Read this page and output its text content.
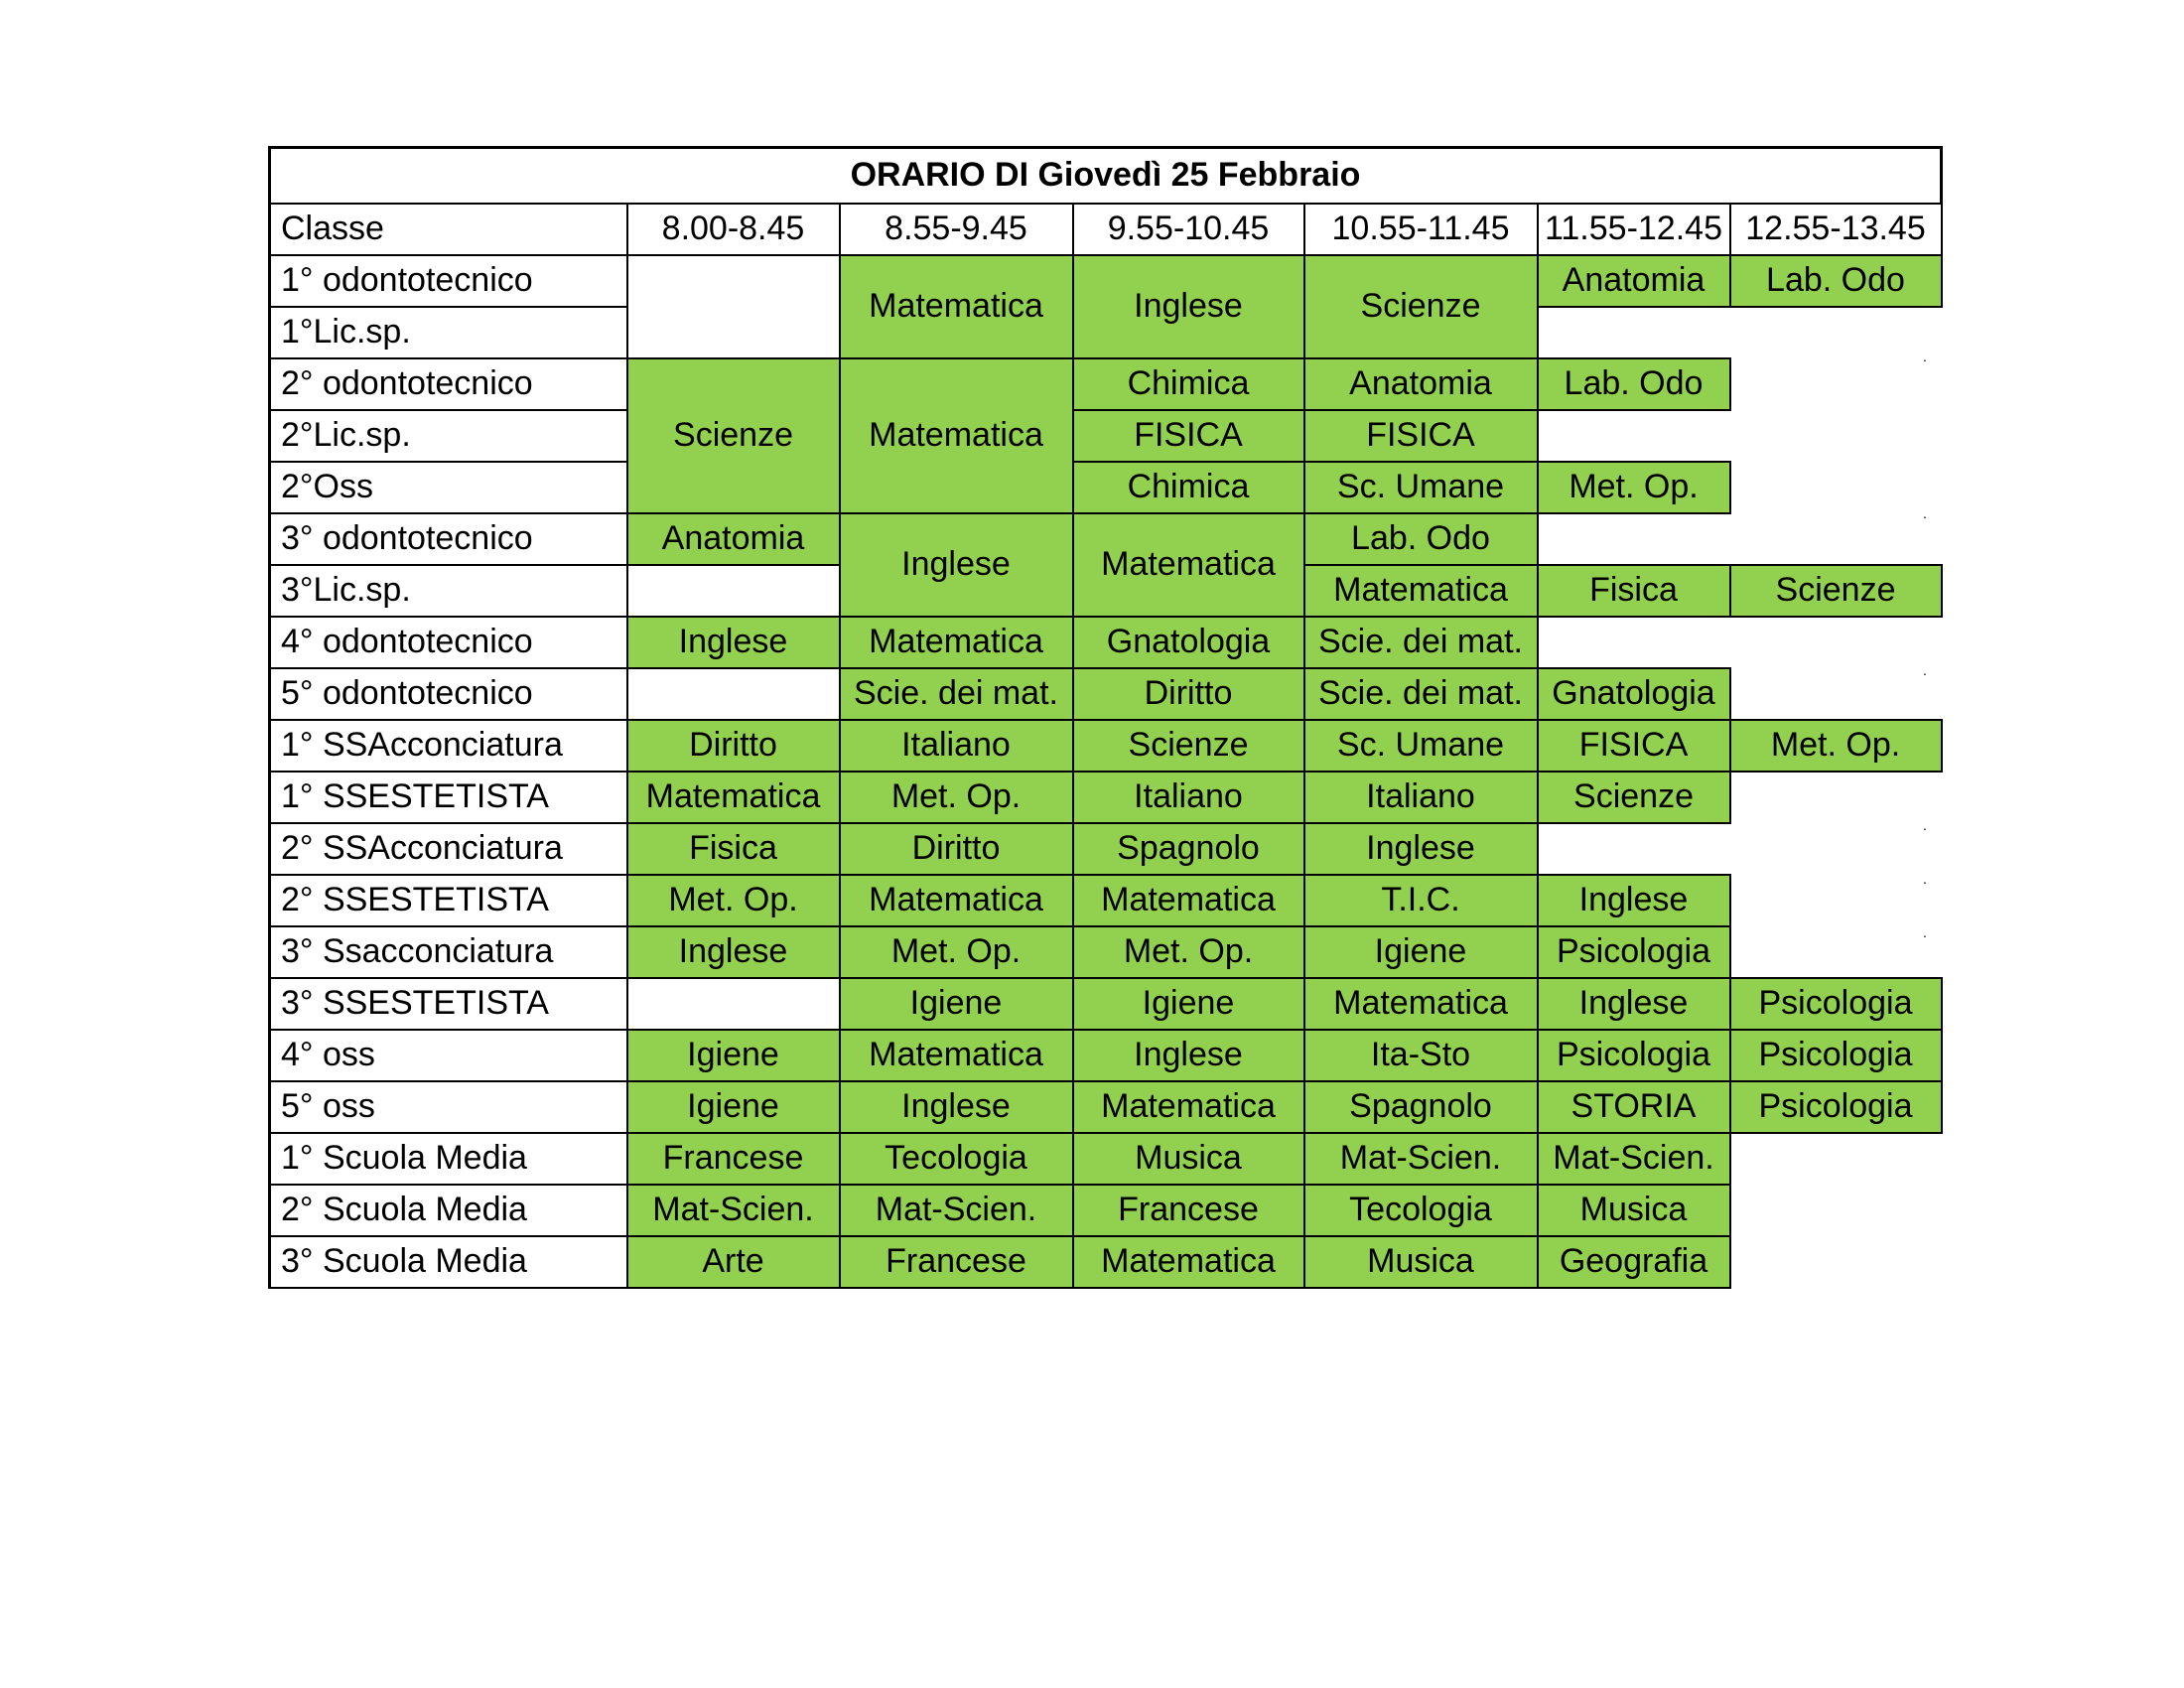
ORARIO DI Giovedì 25 Febbraio						
Classe	8.00-8.45	8.55-9.45	9.55-10.45	10.55-11.45	11.55-12.45	12.55-13.45
1° odontotecnico		Matematica	Inglese	Scienze	Anatomia	Lab. Odo
1°Lic.sp.						
2° odontotecnico	Scienze	Matematica	Chimica	Anatomia	Lab. Odo	
2°Lic.sp.			FISICA	FISICA		
2°Oss			Chimica	Sc. Umane	Met. Op.	
3° odontotecnico	Anatomia	Inglese	Matematica	Lab. Odo		
3°Lic.sp.				Matematica	Fisica	Scienze
4° odontotecnico	Inglese	Matematica	Gnatologia	Scie. dei mat.		
5° odontotecnico		Scie. dei mat.	Diritto	Scie. dei mat.	Gnatologia	
1° SSAcconciatura	Diritto	Italiano	Scienze	Sc. Umane	FISICA	Met. Op.
1° SSESTETISTA	Matematica	Met. Op.	Italiano	Italiano	Scienze	
2° SSAcconciatura	Fisica	Diritto	Spagnolo	Inglese		
2° SSESTETISTA	Met. Op.	Matematica	Matematica	T.I.C.	Inglese	
3° Ssacconciatura	Inglese	Met. Op.	Met. Op.	Igiene	Psicologia	
3° SSESTETISTA		Igiene	Igiene	Matematica	Inglese	Psicologia
4° oss	Igiene	Matematica	Inglese	Ita-Sto	Psicologia	Psicologia
5° oss	Igiene	Inglese	Matematica	Spagnolo	STORIA	Psicologia
1° Scuola Media	Francese	Tecologia	Musica	Mat-Scien.	Mat-Scien.	
2° Scuola Media	Mat-Scien.	Mat-Scien.	Francese	Tecologia	Musica	
3° Scuola Media	Arte	Francese	Matematica	Musica	Geografia	
.
.
.
.
.
.
